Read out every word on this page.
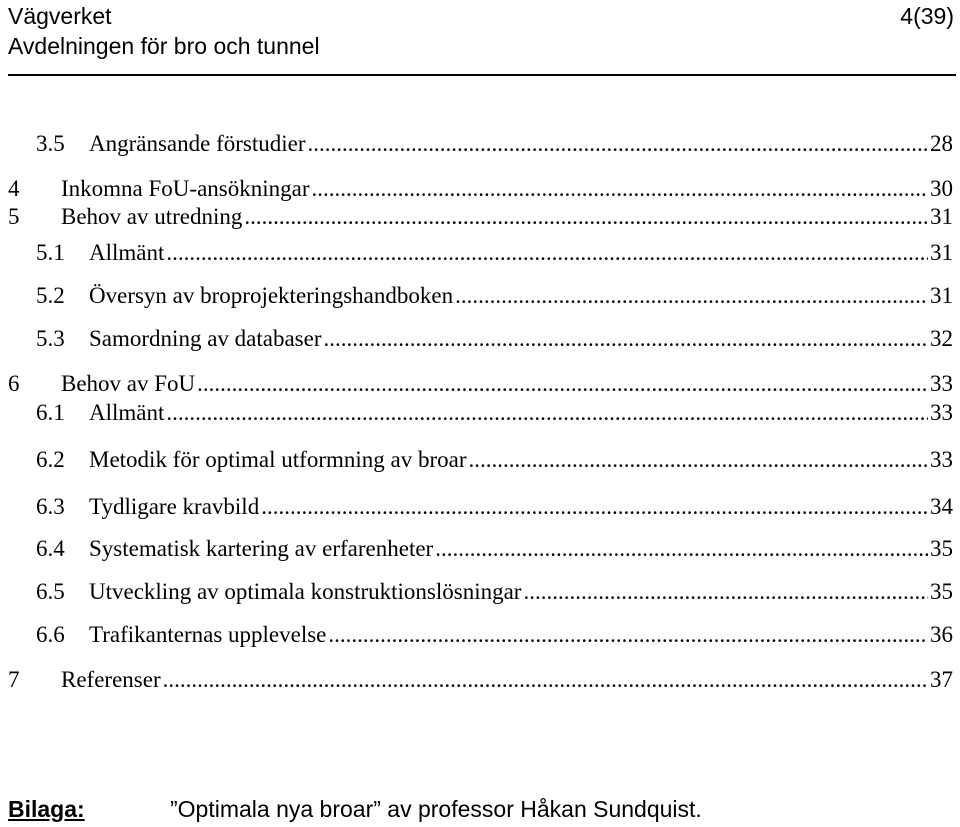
Vägverket
Avdelningen för bro och tunnel
4(39)
3.5	Angränsande förstudier .....	28
4	Inkomna FoU-ansökningar .....	30
5	Behov av utredning .....	31
5.1	Allmänt .....	31
5.2	Översyn av broprojekteringshandboken .....	31
5.3	Samordning av databaser .....	32
6	Behov av FoU .....	33
6.1	Allmänt .....	33
6.2	Metodik för optimal utformning av broar .....	33
6.3	Tydligare kravbild .....	34
6.4	Systematisk kartering av erfarenheter .....	35
6.5	Utveckling av optimala konstruktionslösningar .....	35
6.6	Trafikanternas upplevelse .....	36
7	Referenser .....	37
Bilaga:	”Optimala nya broar” av professor Håkan Sundquist.
